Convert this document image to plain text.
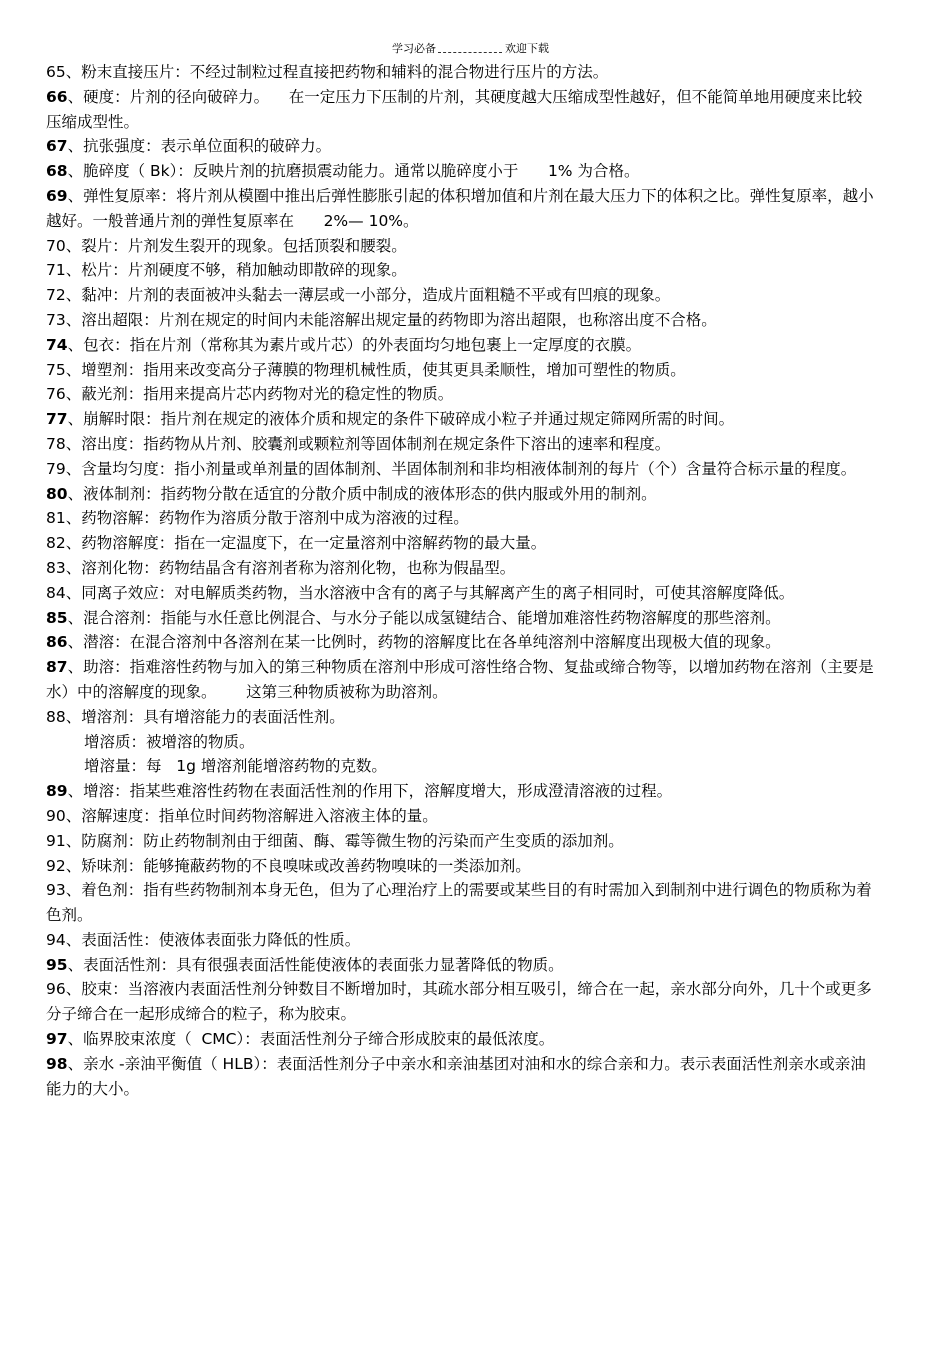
学习必备	欢迎下载

65、粉末直接压片：不经过制粒过程直接把药物和辅料的混合物进行压片的方法。

66、硬度：片剂的径向破碎力。    在一定压力下压制的片剂，其硬度越大压缩成型性越好，但不能简单地用硬度来比较压缩成型性。

67、抗张强度：表示单位面积的破碎力。

68、脆碎度（ Bk）：反映片剂的抗磨损震动能力。通常以脆碎度小于      1% 为合格。

69、弹性复原率：将片剂从模圈中推出后弹性膨胀引起的体积增加值和片剂在最大压力下的体积之比。弹性复原率，越小越好。一般普通片剂的弹性复原率在      2%— 10%。

70、裂片：片剂发生裂开的现象。包括顶裂和腰裂。

71、松片：片剂硬度不够，稍加触动即散碎的现象。

72、黏冲：片剂的表面被冲头黏去一薄层或一小部分，造成片面粗糙不平或有凹痕的现象。

73、溶出超限：片剂在规定的时间内未能溶解出规定量的药物即为溶出超限，也称溶出度不合格。

74、包衣：指在片剂（常称其为素片或片芯）的外表面均匀地包裹上一定厚度的衣膜。

75、增塑剂：指用来改变高分子薄膜的物理机械性质，使其更具柔顺性，增加可塑性的物质。

76、蔽光剂：指用来提高片芯内药物对光的稳定性的物质。

77、崩解时限：指片剂在规定的液体介质和规定的条件下破碎成小粒子并通过规定筛网所需的时间。

78、溶出度：指药物从片剂、胶囊剂或颗粒剂等固体制剂在规定条件下溶出的速率和程度。

79、含量均匀度：指小剂量或单剂量的固体制剂、半固体制剂和非均相液体制剂的每片（个）含量符合标示量的程度。

80、液体制剂：指药物分散在适宜的分散介质中制成的液体形态的供内服或外用的制剂。

81、药物溶解：药物作为溶质分散于溶剂中成为溶液的过程。

82、药物溶解度：指在一定温度下，在一定量溶剂中溶解药物的最大量。

83、溶剂化物：药物结晶含有溶剂者称为溶剂化物，也称为假晶型。

84、同离子效应：对电解质类药物，当水溶液中含有的离子与其解离产生的离子相同时，可使其溶解度降低。

85、混合溶剂：指能与水任意比例混合、与水分子能以成氢键结合、能增加难溶性药物溶解度的那些溶剂。

86、潜溶：在混合溶剂中各溶剂在某一比例时，药物的溶解度比在各单纯溶剂中溶解度出现极大值的现象。

87、助溶：指难溶性药物与加入的第三种物质在溶剂中形成可溶性络合物、复盐或缔合物等，以增加药物在溶剂（主要是水）中的溶解度的现象。      这第三种物质被称为助溶剂。

88、增溶剂：具有增溶能力的表面活性剂。

增溶质：被增溶的物质。

增溶量：每   1g 增溶剂能增溶药物的克数。

89、增溶：指某些难溶性药物在表面活性剂的作用下，溶解度增大，形成澄清溶液的过程。

90、溶解速度：指单位时间药物溶解进入溶液主体的量。

91、防腐剂：防止药物制剂由于细菌、酶、霉等微生物的污染而产生变质的添加剂。

92、矫味剂：能够掩蔽药物的不良嗅味或改善药物嗅味的一类添加剂。

93、着色剂：指有些药物制剂本身无色，但为了心理治疗上的需要或某些目的有时需加入到制剂中进行调色的物质称为着色剂。

94、表面活性：使液体表面张力降低的性质。

95、表面活性剂：具有很强表面活性能使液体的表面张力显著降低的物质。

96、胶束：当溶液内表面活性剂分钟数目不断增加时，其疏水部分相互吸引，缔合在一起，亲水部分向外，几十个或更多分子缔合在一起形成缔合的粒子，称为胶束。

97、临界胶束浓度（  CMC）：表面活性剂分子缔合形成胶束的最低浓度。

98、亲水 -亲油平衡值（ HLB）：表面活性剂分子中亲水和亲油基团对油和水的综合亲和力。表示表面活性剂亲水或亲油能力的大小。
